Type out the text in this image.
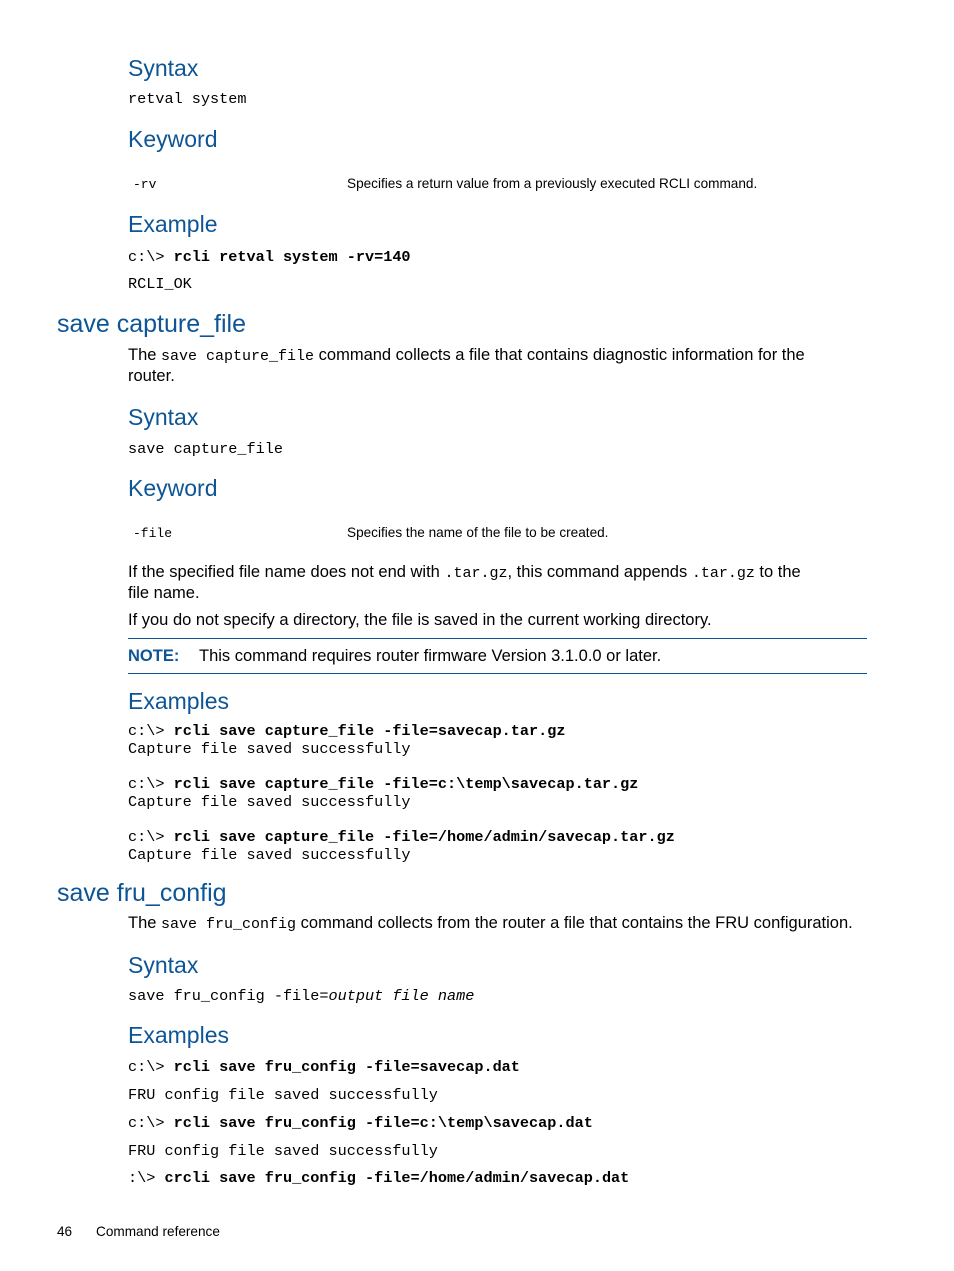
Syntax
retval system
Keyword
-rv	Specifies a return value from a previously executed RCLI command.
Example
c:\> rcli retval system -rv=140
RCLI_OK
save capture_file
The save capture_file command collects a file that contains diagnostic information for the
router.
Syntax
save capture_file
Keyword
-file	Specifies the name of the file to be created.
If the specified file name does not end with .tar.gz, this command appends .tar.gz to the
file name.
If you do not specify a directory, the file is saved in the current working directory.
NOTE: This command requires router firmware Version 3.1.0.0 or later.
Examples
c:\> rcli save capture_file -file=savecap.tar.gz
Capture file saved successfully
c:\> rcli save capture_file -file=c:\temp\savecap.tar.gz
Capture file saved successfully
c:\> rcli save capture_file -file=/home/admin/savecap.tar.gz
Capture file saved successfully
save fru_config
The save fru_config command collects from the router a file that contains the FRU configuration.
Syntax
save fru_config -file=output file name
Examples
c:\> rcli save fru_config -file=savecap.dat
FRU config file saved successfully
c:\> rcli save fru_config -file=c:\temp\savecap.dat
FRU config file saved successfully
:\> crcli save fru_config -file=/home/admin/savecap.dat
46 Command reference
